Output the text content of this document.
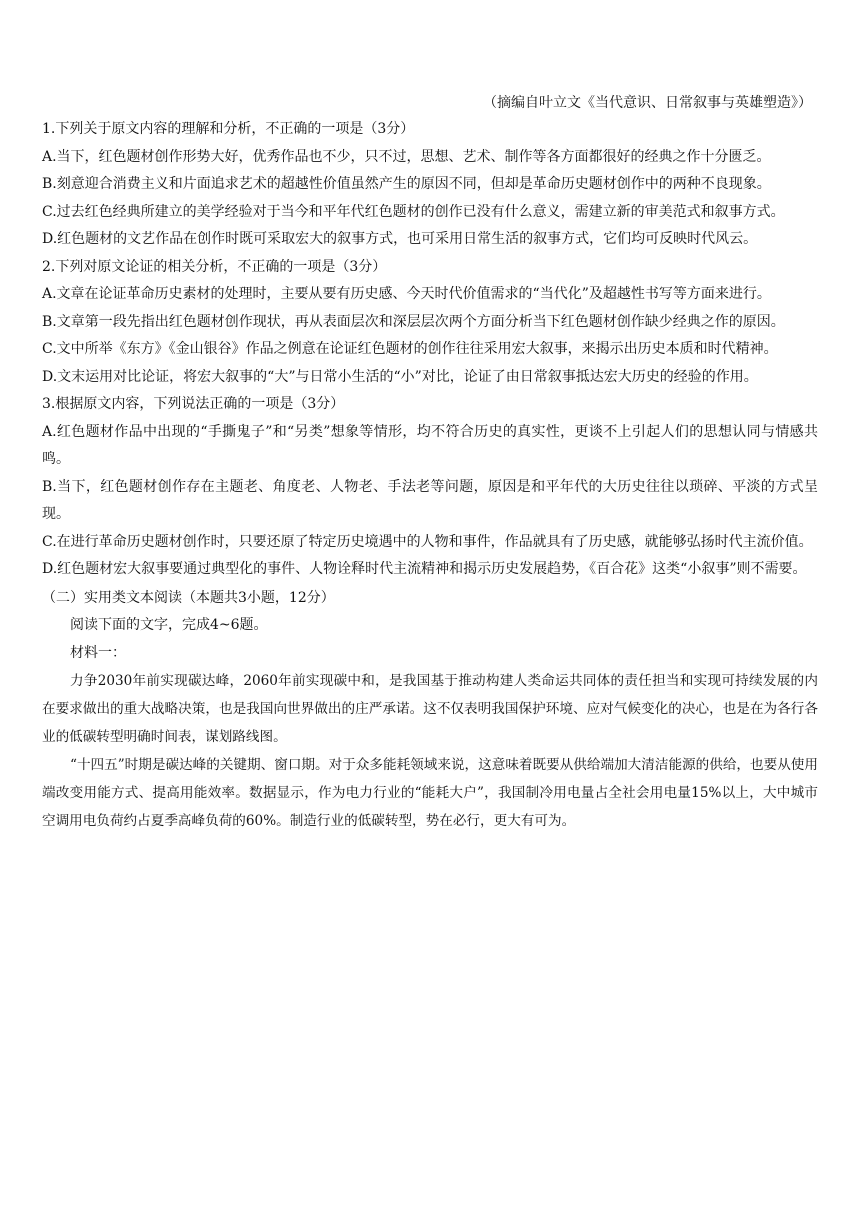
（摘编自叶立文《当代意识、日常叙事与英雄塑造》）
1.下列关于原文内容的理解和分析，不正确的一项是（3分）
A.当下，红色题材创作形势大好，优秀作品也不少，只不过，思想、艺术、制作等各方面都很好的经典之作十分匮乏。
B.刻意迎合消费主义和片面追求艺术的超越性价值虽然产生的原因不同，但却是革命历史题材创作中的两种不良现象。
C.过去红色经典所建立的美学经验对于当今和平年代红色题材的创作已没有什么意义，需建立新的审美范式和叙事方式。
D.红色题材的文艺作品在创作时既可采取宏大的叙事方式，也可采用日常生活的叙事方式，它们均可反映时代风云。
2.下列对原文论证的相关分析，不正确的一项是（3分）
A.文章在论证革命历史素材的处理时，主要从要有历史感、今天时代价值需求的“当代化”及超越性书写等方面来进行。
B.文章第一段先指出红色题材创作现状，再从表面层次和深层层次两个方面分析当下红色题材创作缺少经典之作的原因。
C.文中所举《东方》《金山银谷》作品之例意在论证红色题材的创作往往采用宏大叙事，来揭示出历史本质和时代精神。
D.文末运用对比论证，将宏大叙事的“大”与日常小生活的“小”对比，论证了由日常叙事抵达宏大历史的经验的作用。
3.根据原文内容，下列说法正确的一项是（3分）
A.红色题材作品中出现的“手撕鬼子”和“另类”想象等情形，均不符合历史的真实性，更谈不上引起人们的思想认同与情感共鸣。
B.当下，红色题材创作存在主题老、角度老、人物老、手法老等问题，原因是和平年代的大历史往往以琐碎、平淡的方式呈现。
C.在进行革命历史题材创作时，只要还原了特定历史境遇中的人物和事件，作品就具有了历史感，就能够弘扬时代主流价值。
D.红色题材宏大叙事要通过典型化的事件、人物诠释时代主流精神和揭示历史发展趋势，《百合花》这类“小叙事”则不需要。
（二）实用类文本阅读（本题共3小题，12分）
阅读下面的文字，完成4~6题。
材料一：
力争2030年前实现碳达峰，2060年前实现碳中和，是我国基于推动构建人类命运共同体的责任担当和实现可持续发展的内在要求做出的重大战略决策，也是我国向世界做出的庄严承诺。这不仅表明我国保护环境、应对气候变化的决心，也是在为各行各业的低碳转型明确时间表，谋划路线图。
“十四五”时期是碳达峰的关键期、窗口期。对于众多能耗领域来说，这意味着既要从供给端加大清洁能源的供给，也要从使用端改变用能方式、提高用能效率。数据显示，作为电力行业的“能耗大户”，我国制冷用电量占全社会用电量15%以上，大中城市空调用电负荷约占夏季高峰负荷的60%。制造行业的低碳转型，势在必行，更大有可为。
